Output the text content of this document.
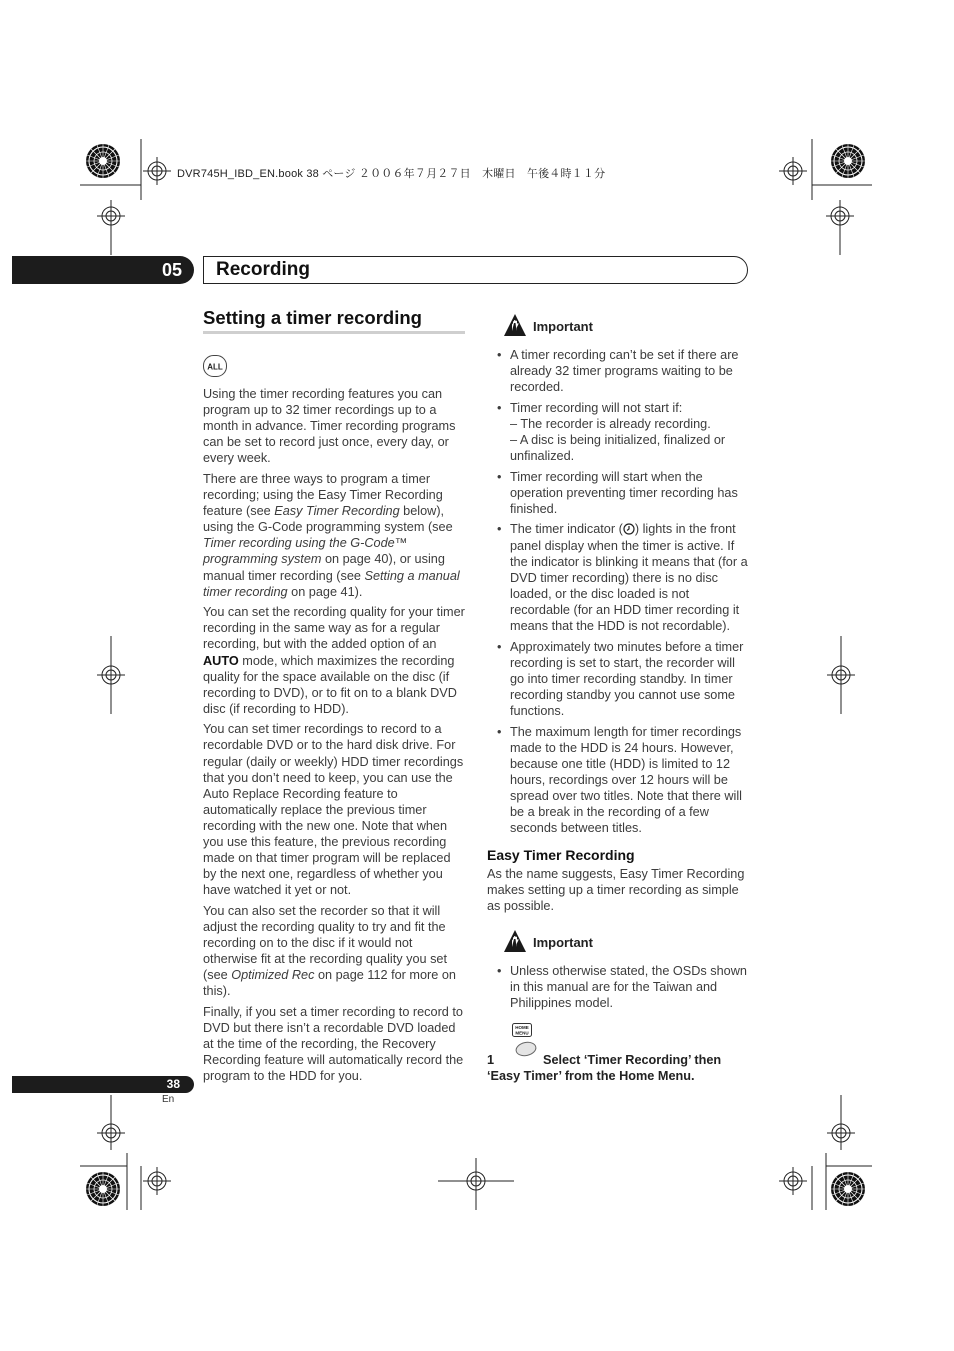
DVR745H_IBD_EN.book 38 ページ ２００６年７月２７日　木曜日　午後４時１１分
05	Recording
Setting a timer recording
ALL

Using the timer recording features you can program up to 32 timer recordings up to a month in advance. Timer recording programs can be set to record just once, every day, or every week.

There are three ways to program a timer recording; using the Easy Timer Recording feature (see Easy Timer Recording below), using the G-Code programming system (see Timer recording using the G-Code™ programming system on page 40), or using manual timer recording (see Setting a manual timer recording on page 41).

You can set the recording quality for your timer recording in the same way as for a regular recording, but with the added option of an AUTO mode, which maximizes the recording quality for the space available on the disc (if recording to DVD), or to fit on to a blank DVD disc (if recording to HDD).

You can set timer recordings to record to a recordable DVD or to the hard disk drive. For regular (daily or weekly) HDD timer recordings that you don’t need to keep, you can use the Auto Replace Recording feature to automatically replace the previous timer recording with the new one. Note that when you use this feature, the previous recording made on that timer program will be replaced by the next one, regardless of whether you have watched it yet or not.

You can also set the recorder so that it will adjust the recording quality to try and fit the recording on to the disc if it would not otherwise fit at the recording quality you set (see Optimized Rec on page 112 for more on this).

Finally, if you set a timer recording to record to DVD but there isn’t a recordable DVD loaded at the time of the recording, the Recovery Recording feature will automatically record the program to the HDD for you.

Important
• A timer recording can’t be set if there are already 32 timer programs waiting to be recorded.
• Timer recording will not start if:
– The recorder is already recording.
– A disc is being initialized, finalized or unfinalized.
• Timer recording will start when the operation preventing timer recording has finished.
• The timer indicator ( ) lights in the front panel display when the timer is active. If the indicator is blinking it means that (for a DVD timer recording) there is no disc loaded, or the disc loaded is not recordable (for an HDD timer recording it means that the HDD is not recordable).
• Approximately two minutes before a timer recording is set to start, the recorder will go into timer recording standby. In timer recording standby you cannot use some functions.
• The maximum length for timer recordings made to the HDD is 24 hours. However, because one title (HDD) is limited to 12 hours, recordings over 12 hours will be spread over two titles. Note that there will be a break in the recording of a few seconds between titles.
Easy Timer Recording

As the name suggests, Easy Timer Recording makes setting up a timer recording as simple as possible.

Important
• Unless otherwise stated, the OSDs shown in this manual are for the Taiwan and Philippines model.
HOME
MENU
1	Select ‘Timer Recording’ then
‘Easy Timer’ from the Home Menu.
38
En
